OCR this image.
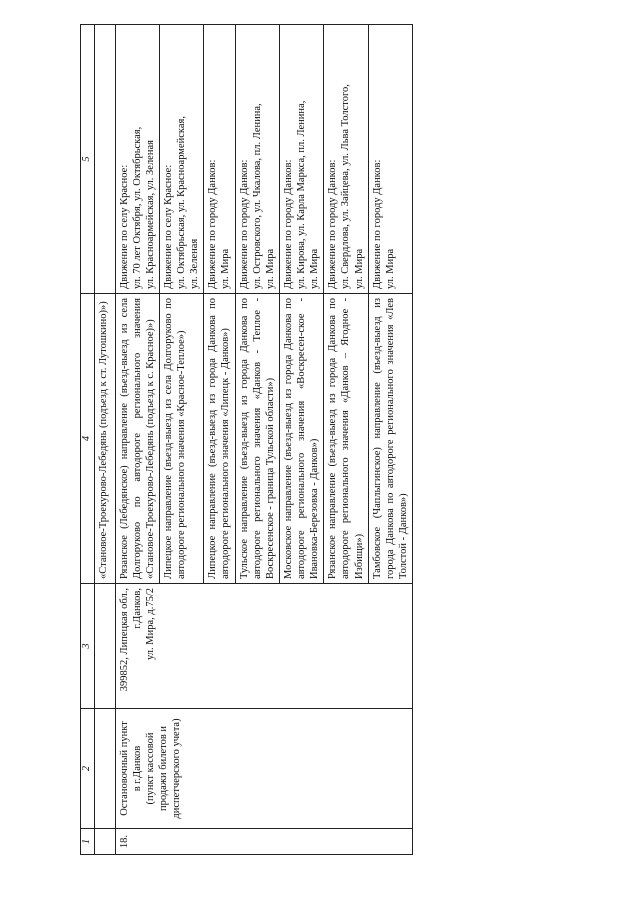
1	2	3	4	5
			«Становое-Троекурово-Лебедянь (подъезд к ст. Лутошкино)»)	
18.	Остановочный пункт в г.Данков (пункт кассовой продажи билетов и диспетчерского учета)	399852, Липецкая обл., г.Данков, ул. Мира, д.75/2	Рязанское (Лебедянское) направление (въезд-выезд из села Долгоруково по автодороге регионального значения «Становое-Троекурово-Лебедянь (подъезд к с. Красное)»)	Движение по селу Красное: ул. 70 лет Октября, ул. Октябрьская, ул. Красноармейская, ул. Зеленая

			Липецкое направление (въезд-выезд из села Долгоруково по автодороге регионального значения «Красное-Теплое»)	Движение по селу Красное: ул. Октябрьская, ул. Красноармейская, ул. Зеленая

			Липецкое направление (въезд-выезд из города Данкова по автодороге регионального значения «Липецк - Данков»)	Движение по городу Данков: ул. Мира

			Тульское направление (въезд-выезд из города Данкова по автодороге регионального значения «Данков - Теплое - Воскресенское - граница Тульской области»)	Движение по городу Данков: ул. Островского, ул. Чкалова, пл. Ленина, ул. Мира

			Московское направление (въезд-выезд из города Данкова по автодороге регионального значения «Воскресен-ское - Ивановка-Березовка - Данков»)	Движение по городу Данков: ул. Кирова, ул. Карла Маркса, пл. Ленина, ул. Мира

			Рязанское направление (въезд-выезд из города Данкова по автодороге регионального значения «Данков – Ягодное - Избищи»)	Движение по городу Данков: ул. Свердлова, ул. Зайцева, ул. Льва Толстого, ул. Мира

			Тамбовское (Чаплыгинское) направление (въезд-выезд из города Данкова по автодороге регионального значения «Лев Толстой - Данков»)	Движение по городу Данков: ул. Мира
